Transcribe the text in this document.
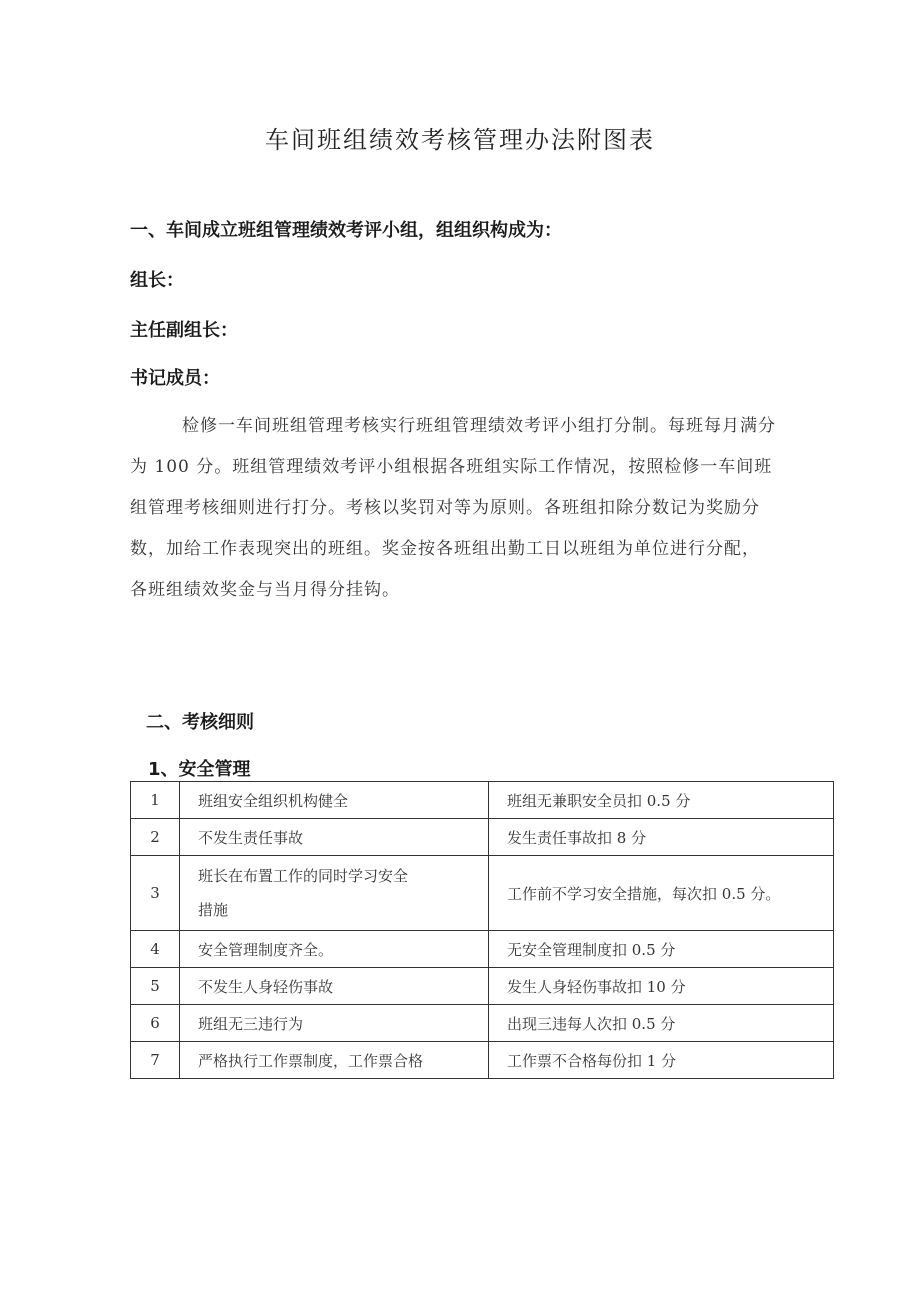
车间班组绩效考核管理办法附图表
一、车间成立班组管理绩效考评小组，组组织构成为：
组长：
主任副组长：
书记成员：

检修一车间班组管理考核实行班组管理绩效考评小组打分制。每班每月满分

为 100 分。班组管理绩效考评小组根据各班组实际工作情况，按照检修一车间班

组管理考核细则进行打分。考核以奖罚对等为原则。各班组扣除分数记为奖励分

数，加给工作表现突出的班组。奖金按各班组出勤工日以班组为单位进行分配，

各班组绩效奖金与当月得分挂钩。

二、考核细则
1、安全管理
1	班组安全组织机构健全	班组无兼职安全员扣 0.5 分
2	不发生责任事故	发生责任事故扣 8 分
3	班长在布置工作的同时学习安全
措施	工作前不学习安全措施，每次扣 0.5 分。
4	安全管理制度齐全。	无安全管理制度扣 0.5 分
5	不发生人身轻伤事故	发生人身轻伤事故扣 10 分
6	班组无三违行为	出现三违每人次扣 0.5 分
7	严格执行工作票制度，工作票合格	工作票不合格每份扣 1 分
